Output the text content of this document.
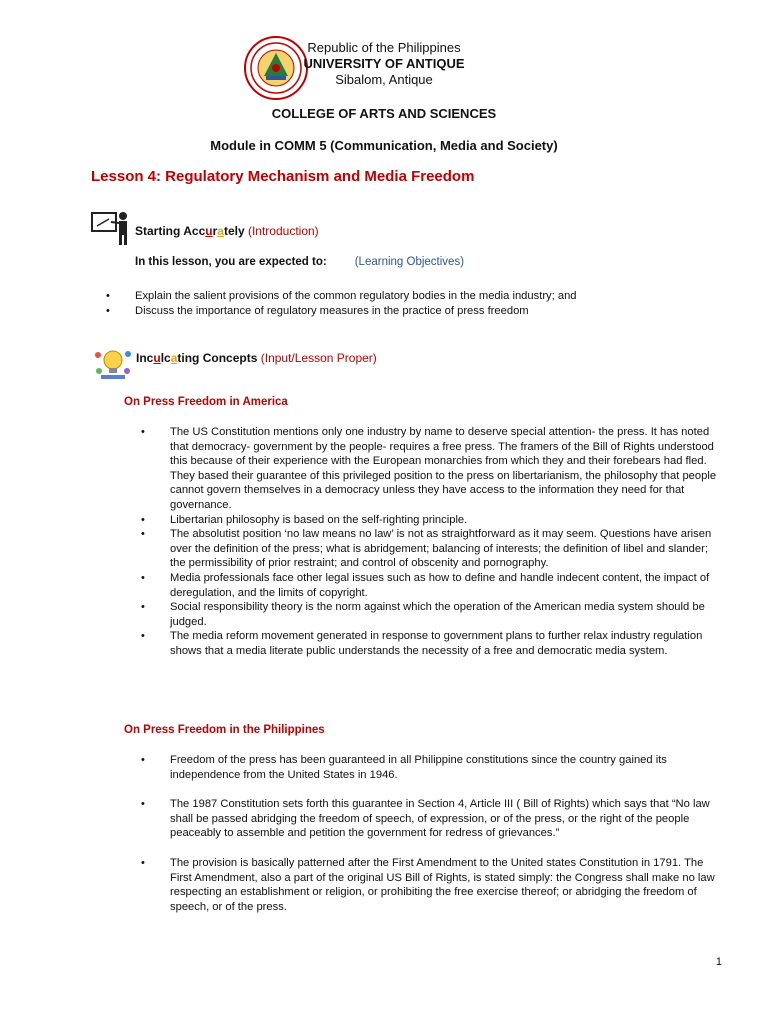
Republic of the Philippines
UNIVERSITY OF ANTIQUE
Sibalom, Antique
COLLEGE OF ARTS AND SCIENCES
Module in COMM 5 (Communication, Media and Society)
Lesson 4: Regulatory Mechanism and Media Freedom
Starting Accurately (Introduction)
In this lesson, you are expected to: (Learning Objectives)
• Explain the salient provisions of the common regulatory bodies in the media industry; and
• Discuss the importance of regulatory measures in the practice of press freedom
Inculcating Concepts (Input/Lesson Proper)
On Press Freedom in America
• The US Constitution mentions only one industry by name to deserve special attention- the press. It has noted that democracy- government by the people- requires a free press. The framers of the Bill of Rights understood this because of their experience with the European monarchies from which they and their forebears had fled. They based their guarantee of this privileged position to the press on libertarianism, the philosophy that people cannot govern themselves in a democracy unless they have access to the information they need for that governance.
• Libertarian philosophy is based on the self-righting principle.
• The absolutist position ‘no law means no law’ is not as straightforward as it may seem. Questions have arisen over the definition of the press; what is abridgement; balancing of interests; the definition of libel and slander; the permissibility of prior restraint; and control of obscenity and pornography.
• Media professionals face other legal issues such as how to define and handle indecent content, the impact of deregulation, and the limits of copyright.
• Social responsibility theory is the norm against which the operation of the American media system should be judged.
• The media reform movement generated in response to government plans to further relax industry regulation shows that a media literate public understands the necessity of a free and democratic media system.
On Press Freedom in the Philippines
• Freedom of the press has been guaranteed in all Philippine constitutions since the country gained its independence from the United States in 1946.
• The 1987 Constitution sets forth this guarantee in Section 4, Article III ( Bill of Rights) which says that “No law shall be passed abridging the freedom of speech, of expression, or of the press, or the right of the people peaceably to assemble and petition the government for redress of grievances.”
• The provision is basically patterned after the First Amendment to the United states Constitution in 1791. The First Amendment, also a part of the original US Bill of Rights, is stated simply: the Congress shall make no law respecting an establishment or religion, or prohibiting the free exercise thereof; or abridging the freedom of speech, or of the press.
1
